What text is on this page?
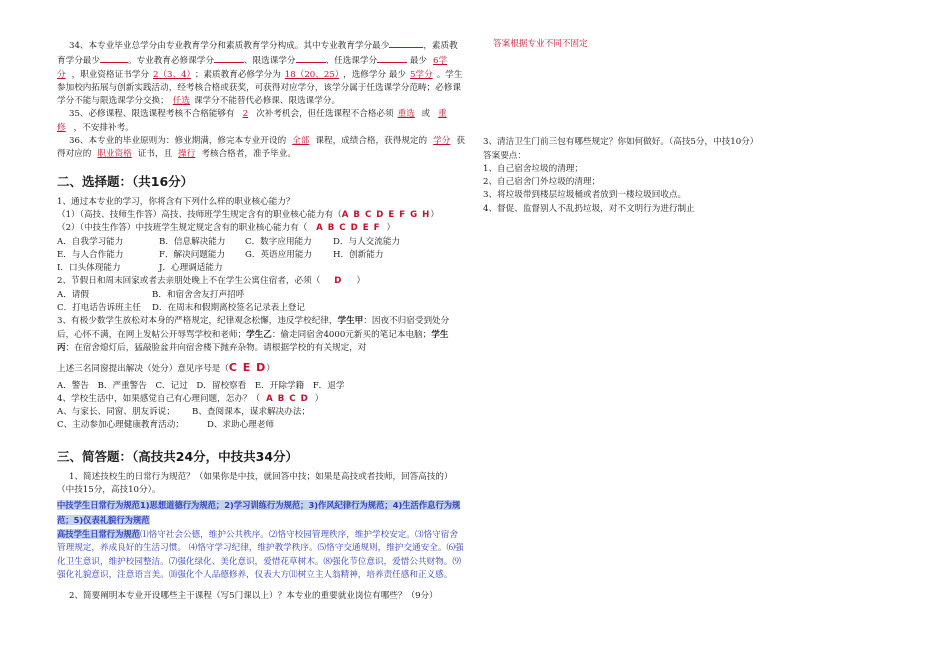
34、本专业毕业总学分由专业教育学分和素质教育学分构成。其中专业教育学分最少	，素质教育学分最少	。专业教育必修课学分	、限选课学分	、任选课学分	最少 6学分 ，职业资格证书学分 2（3、4） ；素质教育必修学分为 18（20、25） ，选修学分 最少 5学分 。学生参加校内拓展与创新实践活动，经考核合格或获奖，可获得对应学分，该学分属于任选课学分范畴；必修课学分不能与限选课学分交换； 任选 课学分不能替代必修课、限选课学分。

35、必修课程、限选课程考核不合格能够有 2 次补考机会，但任选课程不合格必须 重选 或 重修 ，不安排补考。

36、本专业的毕业原则为：修业期满，修完本专业开设的 全部 课程，成绩合格，获得规定的 学分 获得对应的 职业资格 证书，且 操行 考核合格者，准予毕业。

二、选择题：（共16分）

1、通过本专业的学习，你将含有下列什么样的职业核心能力？

（1）（高技、技师生作答）高技、技师班学生规定含有的职业核心能力有（A B C D E F G H）

（2）（中技生作答）中技班学生规定规定含有的职业核心能力有（ A B C D E F ）

A．自我学习能力	B．信息解决能力	C．数字应用能力	D．与人交流能力
E．与人合作能力	F．解决问题能力	G．英语应用能力	H．创新能力
I．口头体现能力	J．心理调适能力

2、节假日和周末回家或者去亲朋处晚上不在学生公寓住宿者，必须（ D ）

A．请假	B．和宿舍舍友打声招呼
C．打电话告诉班主任	D．在周末和假期离校签名记录表上登记

3、有极少数学生放松对本身的严格规定，纪律观念松懈，违反学校纪律，学生甲：因夜不归宿受到处分后，心怀不满，在网上发帖公开辱骂学校和老师；学生乙：偷走同宿舍4000元新买的笔记本电脑；学生丙：在宿舍熄灯后，猛敲脸盆并向宿舍楼下抛弃杂物。请根据学校的有关规定，对

上述三名同窗提出解决（处分）意见序号是（C E D）

A．警告　B．严重警告　C．记过　D．留校察看　E．开除学籍　F．退学

4、学校生活中，如果感觉自己有心理问题，怎办？（ A B C D ）

A、与家长、同窗、朋友诉说；	B、查阅课本，谋求解决办法；
C、主动参加心理健康教育活动；	D、求助心理老师
三、简答题：（高技共24分，中技共34分）

1、简述技校生的日常行为规范？（如果你是中技，就回答中技；如果是高技或者技师，回答高技的）（中技15分，高技10分）。

中技学生日常行为规范1)思想道德行为规范；2)学习训练行为规范；3)作风纪律行为规范；4)生活作息行为规范；5)仪表礼貌行为规范

高技学生日常行为规范⑴恪守社会公德，维护公共秩序。⑵恪守校园管理秩序，维护学校安定。⑶恪守宿舍管理规定，养成良好的生活习惯。 ⑷恪守学习纪律，维护教学秩序。⑸恪守交通规则，维护交通安全。⑹强化卫生意识，维护校园整洁。⑺强化绿化、美化意识，爱惜花草树木。⑻强化节位意识，爱惜公共财物。⑼强化礼貌意识，注意语言美。⑽强化个人品德修养，仪表大方⑾树立主人翁精神，培养责任感和正义感。

2、简要阐明本专业开设哪些主干课程（写5门课以上）？本专业的重要就业岗位有哪些？（9分）

答案根据专业不同不固定

3、清洁卫生门前三包有哪些规定？你如何做好。（高技5分，中技10分）

答案要点：

1、自己宿舍垃圾的清理；

2、自己宿舍门外垃圾的清理；

3、将垃圾带到楼层垃圾桶或者放到一楼垃圾回收点。

4、督促、监督别人不乱扔垃圾，对不文明行为进行制止
